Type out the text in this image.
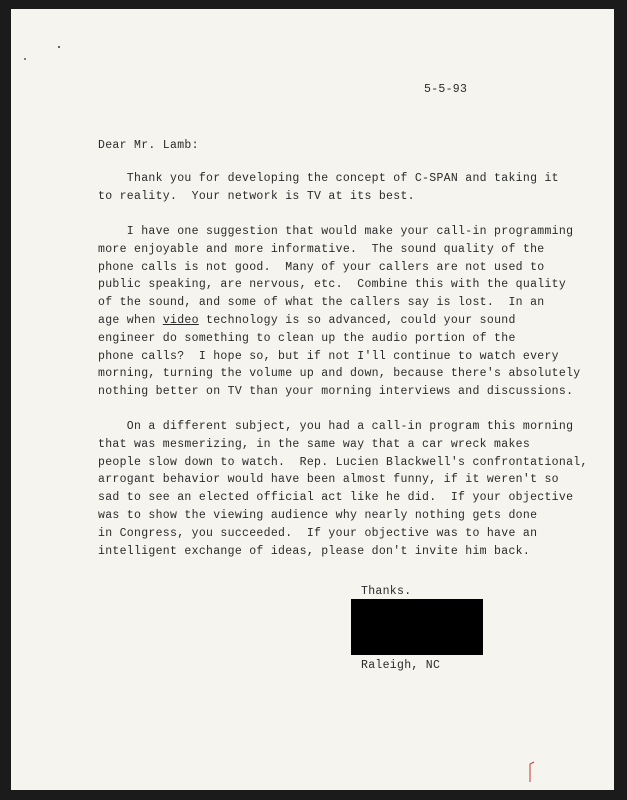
5-5-93
Dear Mr. Lamb:
Thank you for developing the concept of C-SPAN and taking it
to reality.  Your network is TV at its best.
I have one suggestion that would make your call-in programming
more enjoyable and more informative.  The sound quality of the
phone calls is not good.  Many of your callers are not used to
public speaking, are nervous, etc.  Combine this with the quality
of the sound, and some of what the callers say is lost.  In an
age when video technology is so advanced, could your sound
engineer do something to clean up the audio portion of the
phone calls?  I hope so, but if not I'll continue to watch every
morning, turning the volume up and down, because there's absolutely
nothing better on TV than your morning interviews and discussions.
On a different subject, you had a call-in program this morning
that was mesmerizing, in the same way that a car wreck makes
people slow down to watch.  Rep. Lucien Blackwell's confrontational,
arrogant behavior would have been almost funny, if it weren't so
sad to see an elected official act like he did.  If your objective
was to show the viewing audience why nearly nothing gets done
in Congress, you succeeded.  If your objective was to have an
intelligent exchange of ideas, please don't invite him back.
Thanks.
Raleigh, NC
